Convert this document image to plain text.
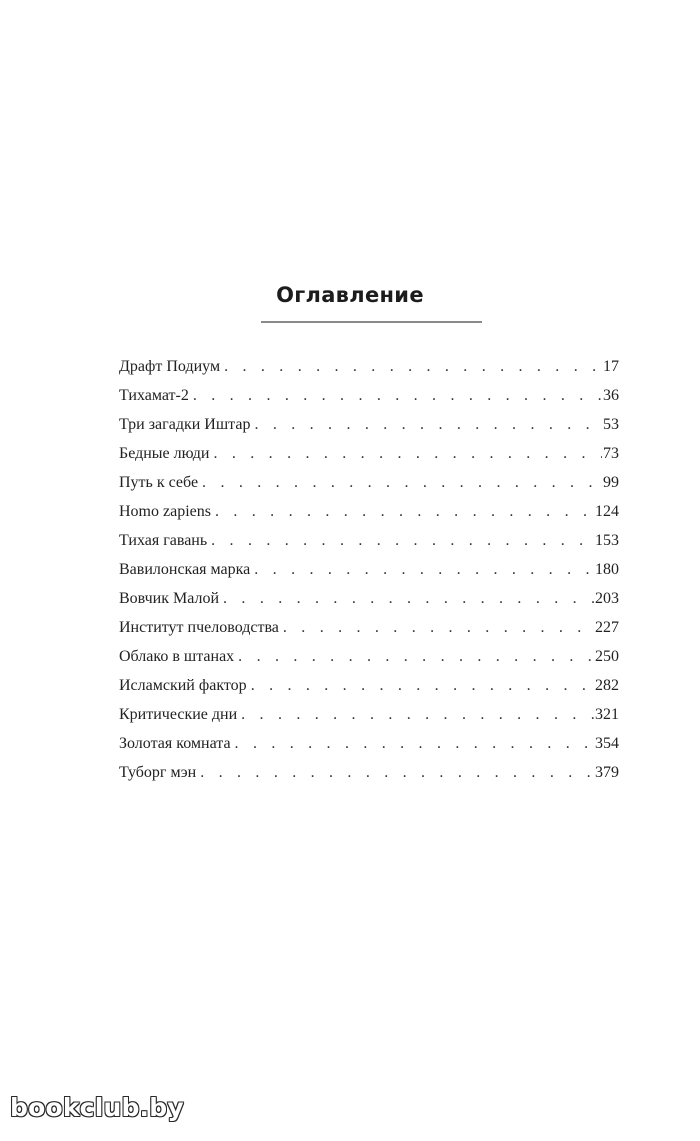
Оглавление
Драфт Подиум . . .	17
Тихамат-2 . . .	36
Три загадки Иштар . . .	53
Бедные люди . . .	73
Путь к себе . . .	99
Homo zapiens . . .	124
Тихая гавань . . .	153
Вавилонская марка . . .	180
Вовчик Малой . . .	203
Институт пчеловодства . . .	227
Облако в штанах . . .	250
Исламский фактор . . .	282
Критические дни . . .	321
Золотая комната . . .	354
Туборг мэн . . .	379
bookclub.by
